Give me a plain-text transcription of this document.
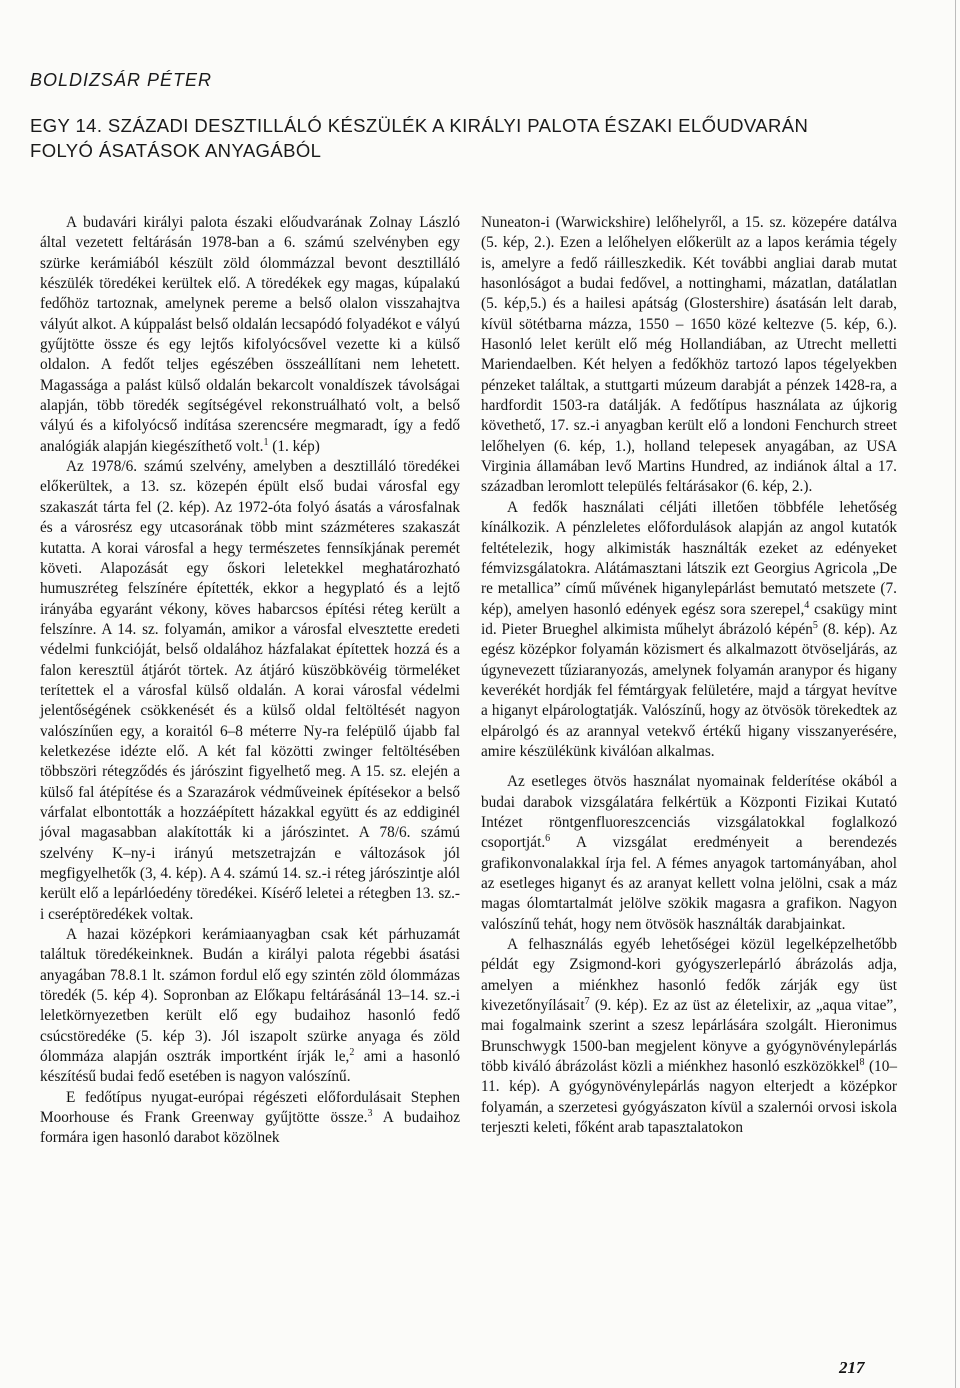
BOLDIZSÁR PÉTER
EGY 14. SZÁZADI DESZTILLÁLÓ KÉSZÜLÉK A KIRÁLYI PALOTA ÉSZAKI ELŐUDVARÁN
FOLYÓ ÁSATÁSOK ANYAGÁBÓL

A budavári királyi palota északi előudvarának Zolnay László által vezetett feltárásán 1978-ban a 6. számú szelvényben egy szürke kerámiából készült zöld ólommázzal bevont desztilláló készülék töredékei kerültek elő. A töredékek egy magas, kúpalakú fedőhöz tartoznak, amelynek pereme a belső olalon visszahajtva vályút alkot. A kúppalást belső oldalán lecsapódó folyadékot e vályú gyűjtötte össze és egy lejtős kifolyócsővel vezette ki a külső oldalon. A fedőt teljes egészében összeállítani nem lehetett. Magassága a palást külső oldalán bekarcolt vonaldíszek távolságai alapján, több töredék segítségével rekonstruálható volt, a belső vályú és a kifolyócső indítása szerencsére megmaradt, így a fedő analógiák alapján kiegészíthető volt.$^1$ (1. kép)

Az 1978/6. számú szelvény, amelyben a desztilláló töredékei előkerültek, a 13. sz. közepén épült első budai városfal egy szakaszát tárta fel (2. kép). Az 1972-óta folyó ásatás a városfalnak és a városrész egy utcasorának több mint százméteres szakaszát kutatta. A korai városfal a hegy természetes fennsíkjának peremét követi. Alapozását egy őskori leletekkel meghatározható humuszréteg felszínére építették, ekkor a hegyplató és a lejtő irányába egyaránt vékony, köves habarcsos építési réteg került a felszínre. A 14. sz. folyamán, amikor a városfal elvesztette eredeti védelmi funkcióját, belső oldalához házfalakat építettek hozzá és a falon keresztül átjárót törtek. Az átjáró küszöbkövéig törmeléket terítettek el a városfal külső oldalán. A korai városfal védelmi jelentőségének csökkenését és a külső oldal feltöltését nagyon valószínűen egy, a koraitól 6–8 méterre Ny-ra felépülő újabb fal keletkezése idézte elő. A két fal közötti zwinger feltöltésében többszöri rétegződés és járószint figyelhető meg. A 15. sz. elején a külső fal átépítése és a Szarazárok védműveinek építésekor a belső várfalat elbontották a hozzáépített házakkal együtt és az eddiginél jóval magasabban alakították ki a járószintet. A 78/6. számú szelvény K–ny-i irányú metszetrajzán e változások jól megfigyelhetők (3, 4. kép). A 4. számú 14. sz.-i réteg járószintje alól került elő a lepárlóedény töredékei. Kísérő leletei a rétegben 13. sz.-i cseréptöredékek voltak.

A hazai középkori kerámiaanyagban csak két párhuzamát találtuk töredékeinknek. Budán a királyi palota régebbi ásatási anyagában 78.8.1 lt. számon fordul elő egy szintén zöld ólommázas töredék (5. kép 4). Sopronban az Előkapu feltárásánál 13–14. sz.-i leletkörnyezetben került elő egy budaihoz hasonló fedő csúcstöredéke (5. kép 3). Jól iszapolt szürke anyaga és zöld ólommáza alapján osztrák importként írják le,$^2$ ami a hasonló készítésű budai fedő esetében is nagyon valószínű.

E fedőtípus nyugat-európai régészeti előfordulásait Stephen Moorhouse és Frank Greenway gyűjtötte össze.$^3$ A budaihoz formára igen hasonló darabot közölnek

Nuneaton-i (Warwickshire) lelőhelyről, a 15. sz. közepére datálva (5. kép, 2.). Ezen a lelőhelyen előkerült az a lapos kerámia tégely is, amelyre a fedő ráilleszkedik. Két további angliai darab mutat hasonlóságot a budai fedővel, a nottinghami, mázatlan, datálatlan (5. kép,5.) és a hailesi apátság (Glostershire) ásatásán lelt darab, kívül sötétbarna mázza, 1550 – 1650 közé keltezve (5. kép, 6.). Hasonló lelet került elő még Hollandiában, az Utrecht melletti Mariendaelben. Két helyen a fedőkhöz tartozó lapos tégelyekben pénzeket találtak, a stuttgarti múzeum darabját a pénzek 1428-ra, a hardfordit 1503-ra datálják. A fedőtípus használata az újkorig követhető, 17. sz.-i anyagban került elő a londoni Fenchurch street lelőhelyen (6. kép, 1.), holland telepesek anyagában, az USA Virginia államában levő Martins Hundred, az indiánok által a 17. században leromlott település feltárásakor (6. kép, 2.).

A fedők használati céljáti illetően többféle lehetőség kínálkozik. A pénzleletes előfordulások alapján az angol kutatók feltételezik, hogy alkimisták használták ezeket az edényeket fémvizsgálatokra. Alátámasztani látszik ezt Georgius Agricola „De re metallica” című művének higanylepárlást bemutató metszete (7. kép), amelyen hasonló edények egész sora szerepel,$^4$ csakügy mint id. Pieter Brueghel alkimista műhelyt ábrázoló képén$^5$ (8. kép). Az egész középkor folyamán közismert és alkalmazott ötvöseljárás, az úgynevezett tűziaranyozás, amelynek folyamán aranypor és higany keverékét hordják fel fémtárgyak felületére, majd a tárgyat hevítve a higanyt elpárologtatják. Valószínű, hogy az ötvösök törekedtek az elpárolgó és az arannyal vetekvő értékű higany visszanyerésére, amire készülékünk kiválóan alkalmas.

Az esetleges ötvös használat nyomainak felderítése okából a budai darabok vizsgálatára felkértük a Központi Fizikai Kutató Intézet röntgenfluoreszcenciás vizsgálatokkal foglalkozó csoportját.$^6$ A vizsgálat eredményeit a berendezés grafikonvonalakkal írja fel. A fémes anyagok tartományában, ahol az esetleges higanyt és az aranyat kellett volna jelölni, csak a máz magas ólomtartalmát jelölve szökik magasra a grafikon. Nagyon valószínű tehát, hogy nem ötvösök használták darabjainkat.

A felhasználás egyéb lehetőségei közül legelképzelhetőbb példát egy Zsigmond-kori gyógyszerlepárló ábrázolás adja, amelyen a miénkhez hasonló fedők zárják egy üst kivezetőnyílásait$^7$ (9. kép). Ez az üst az életelixir, az „aqua vitae”, mai fogalmaink szerint a szesz lepárlására szolgált. Hieronimus Brunschwygk 1500-ban megjelent könyve a gyógynövénylepárlás több kiváló ábrázolást közli a miénkhez hasonló eszközökkel$^8$ (10–11. kép). A gyógynövénylepárlás nagyon elterjedt a középkor folyamán, a szerzetesi gyógyászaton kívül a szalernói orvosi iskola terjeszti keleti, főként arab tapasztalatokon

217
